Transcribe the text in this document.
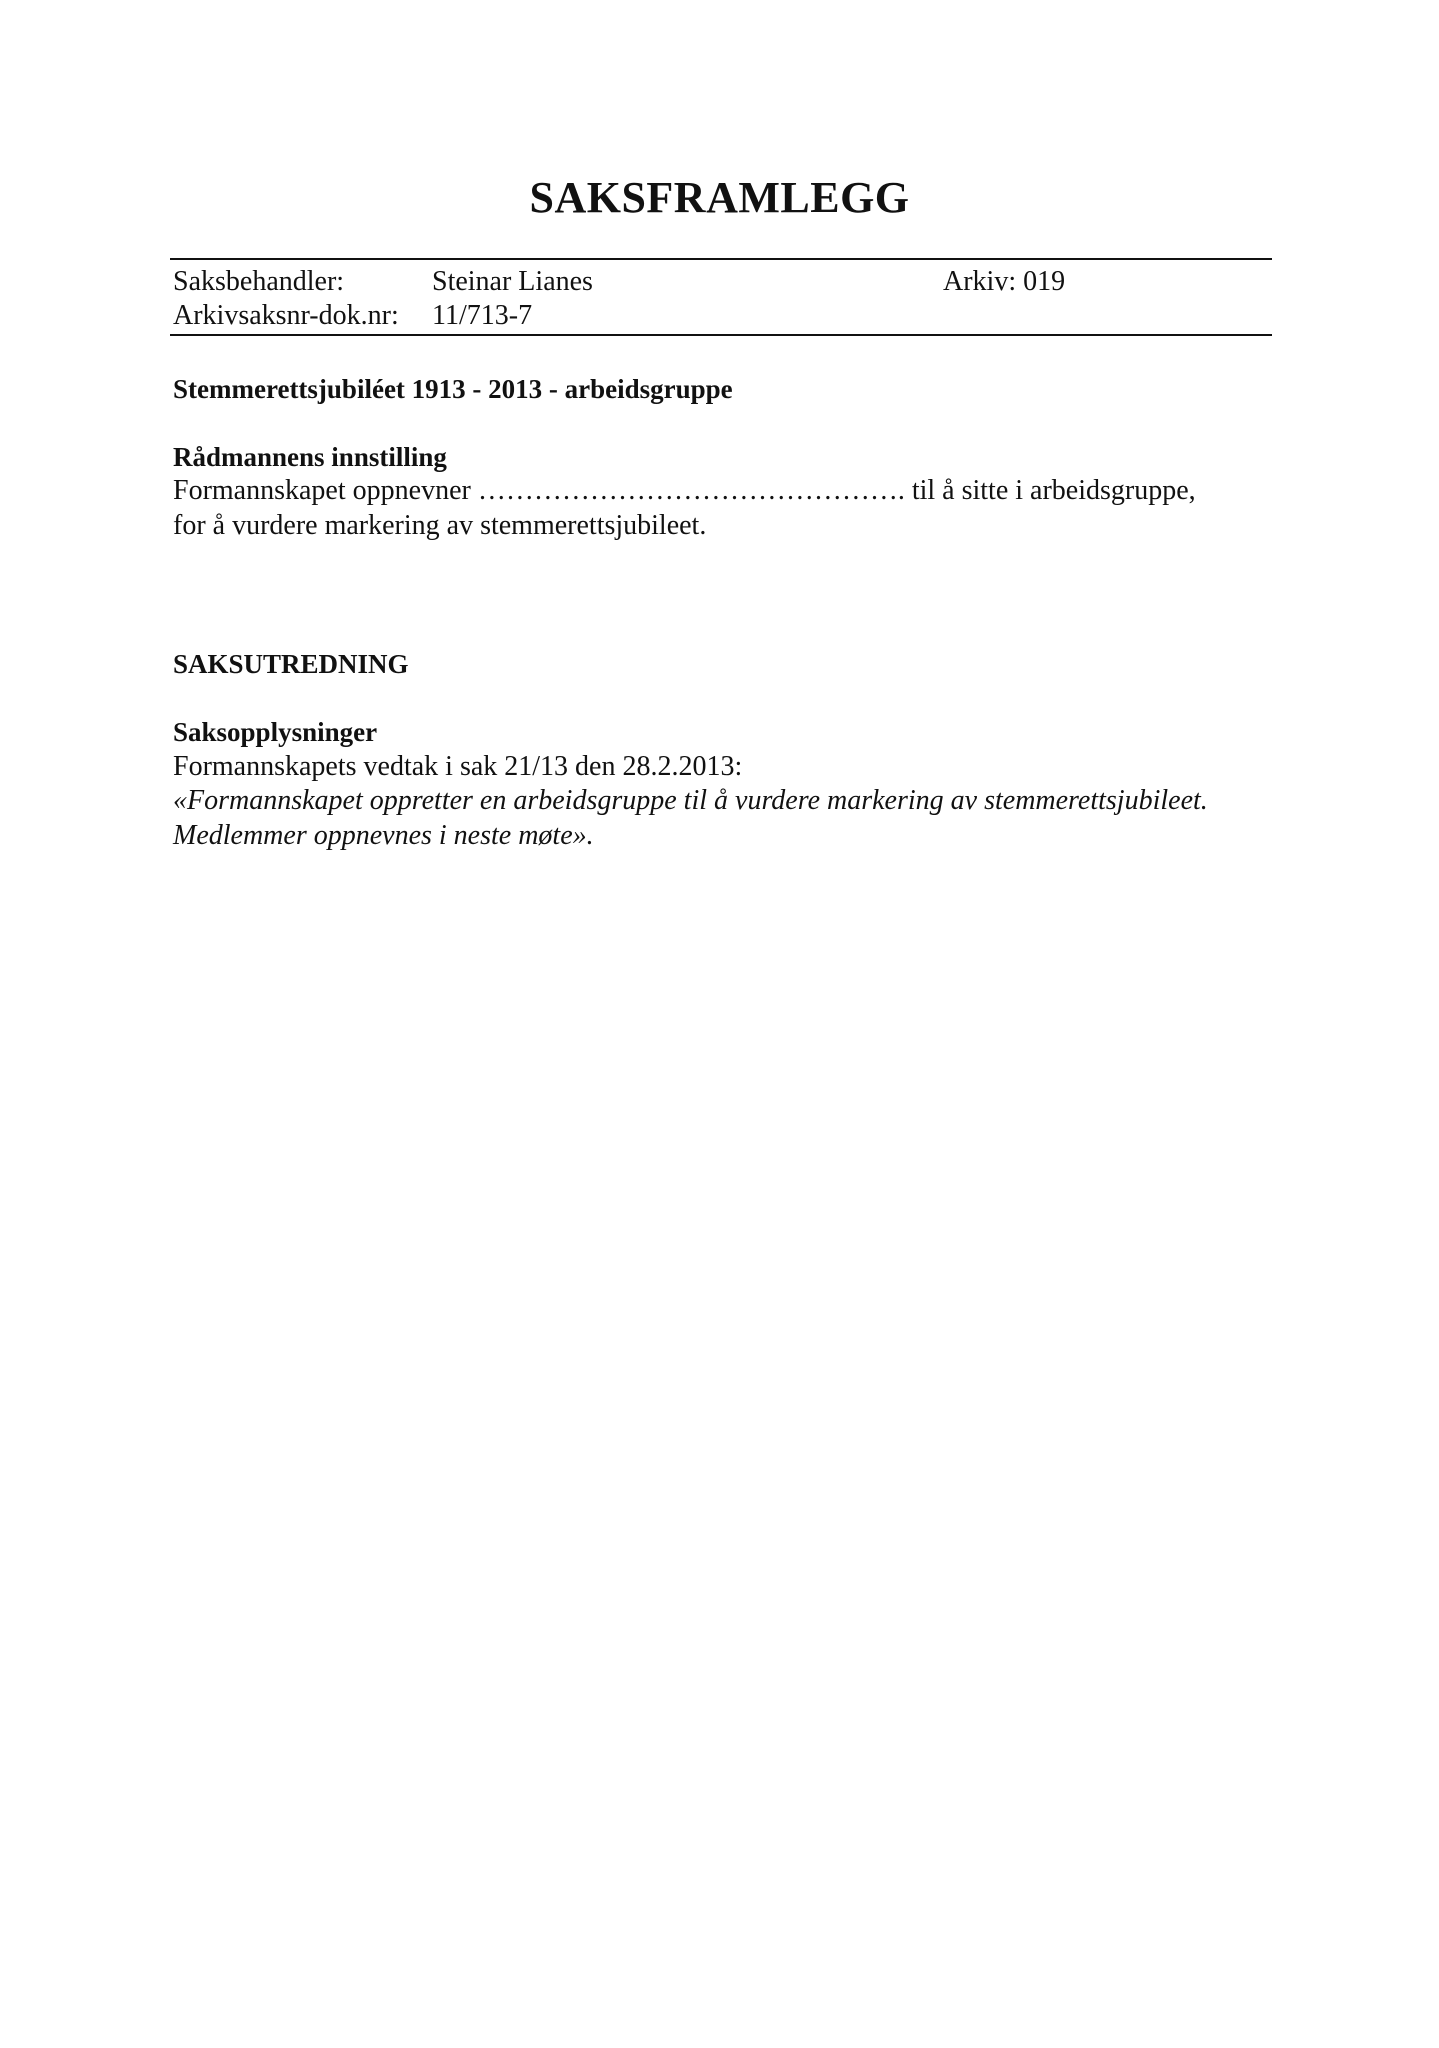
SAKSFRAMLEGG
Saksbehandler:	Steinar Lianes	Arkiv: 019
Arkivsaksnr-dok.nr: 11/713-7
Stemmerettsjubiléet 1913 - 2013 - arbeidsgruppe
Rådmannens innstilling
Formannskapet oppnevner ………………………………………. til å sitte i arbeidsgruppe,
for å vurdere markering av stemmerettsjubileet.
SAKSUTREDNING
Saksopplysninger
Formannskapets vedtak i sak 21/13 den 28.2.2013:
«Formannskapet oppretter en arbeidsgruppe til å vurdere markering av stemmerettsjubileet.
Medlemmer oppnevnes i neste møte».
